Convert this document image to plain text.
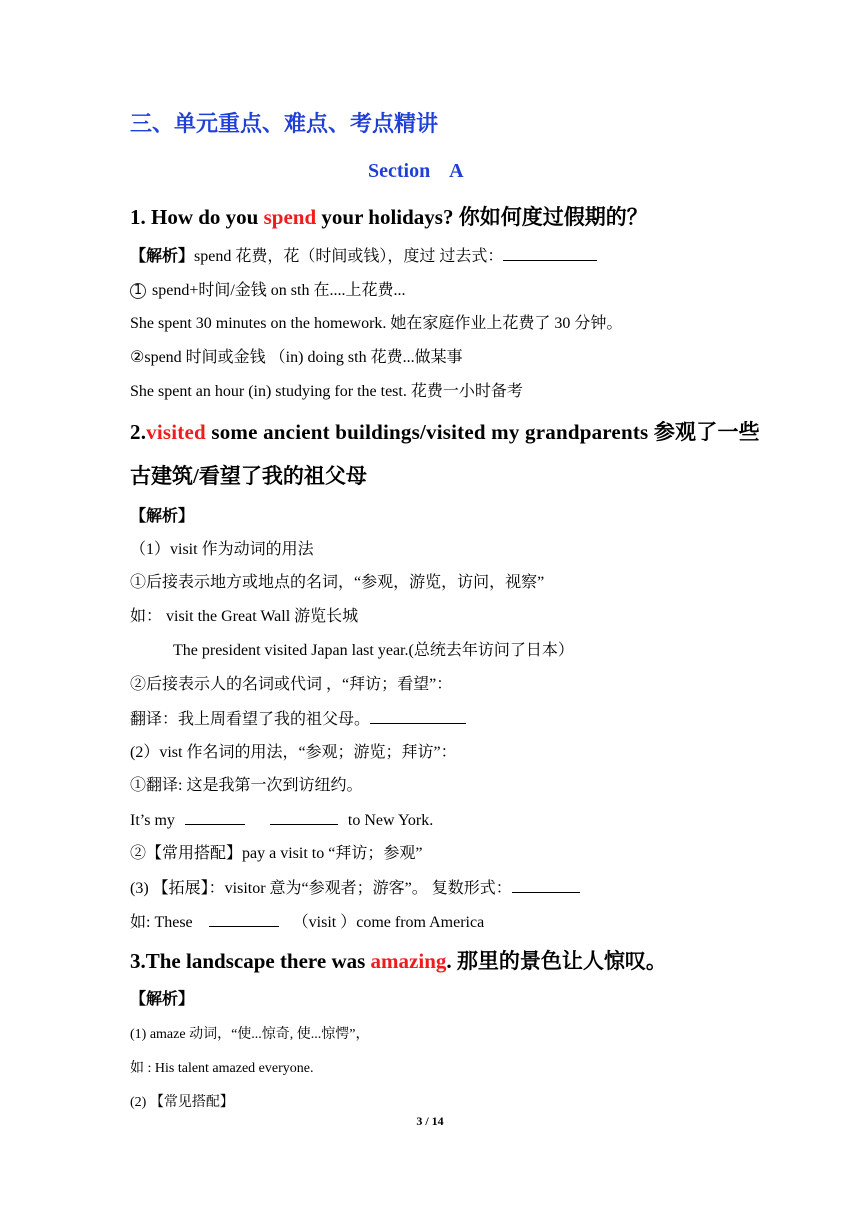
三、单元重点、难点、考点精讲
Section    A
1. How do you spend your holidays? 你如何度过假期的？
【解析】spend 花费，花（时间或钱），度过 过去式：
1 spend+时间/金钱 on sth 在....上花费...
She spent 30 minutes on the homework. 她在家庭作业上花费了 30 分钟。
②spend 时间或金钱 （in) doing sth 花费...做某事
She spent an hour (in) studying for the test. 花费一小时备考
2.visited some ancient buildings/visited my grandparents 参观了一些
古建筑/看望了我的祖父母
【解析】
（1）visit 作为动词的用法
①后接表示地方或地点的名词，“参观，游览，访问，视察”
如： visit the Great Wall 游览长城
The president visited Japan last year.(总统去年访问了日本）
②后接表示人的名词或代词 ，“拜访；看望”：
翻译：我上周看望了我的祖父母。
(2）vist 作名词的用法，“参观；游览；拜访”：
①翻译: 这是我第一次到访纽约。
It’s my	to New York.
②【常用搭配】pay a visit to “拜访；参观”
(3) 【拓展】：visitor 意为“参观者；游客”。 复数形式：
如: These	（visit ）come from America
3.The landscape there was amazing. 那里的景色让人惊叹。
【解析】
(1) amaze 动词，“使...惊奇, 使...惊愕”，
如 : His talent amazed everyone.
(2) 【常见搭配】
3 / 14
